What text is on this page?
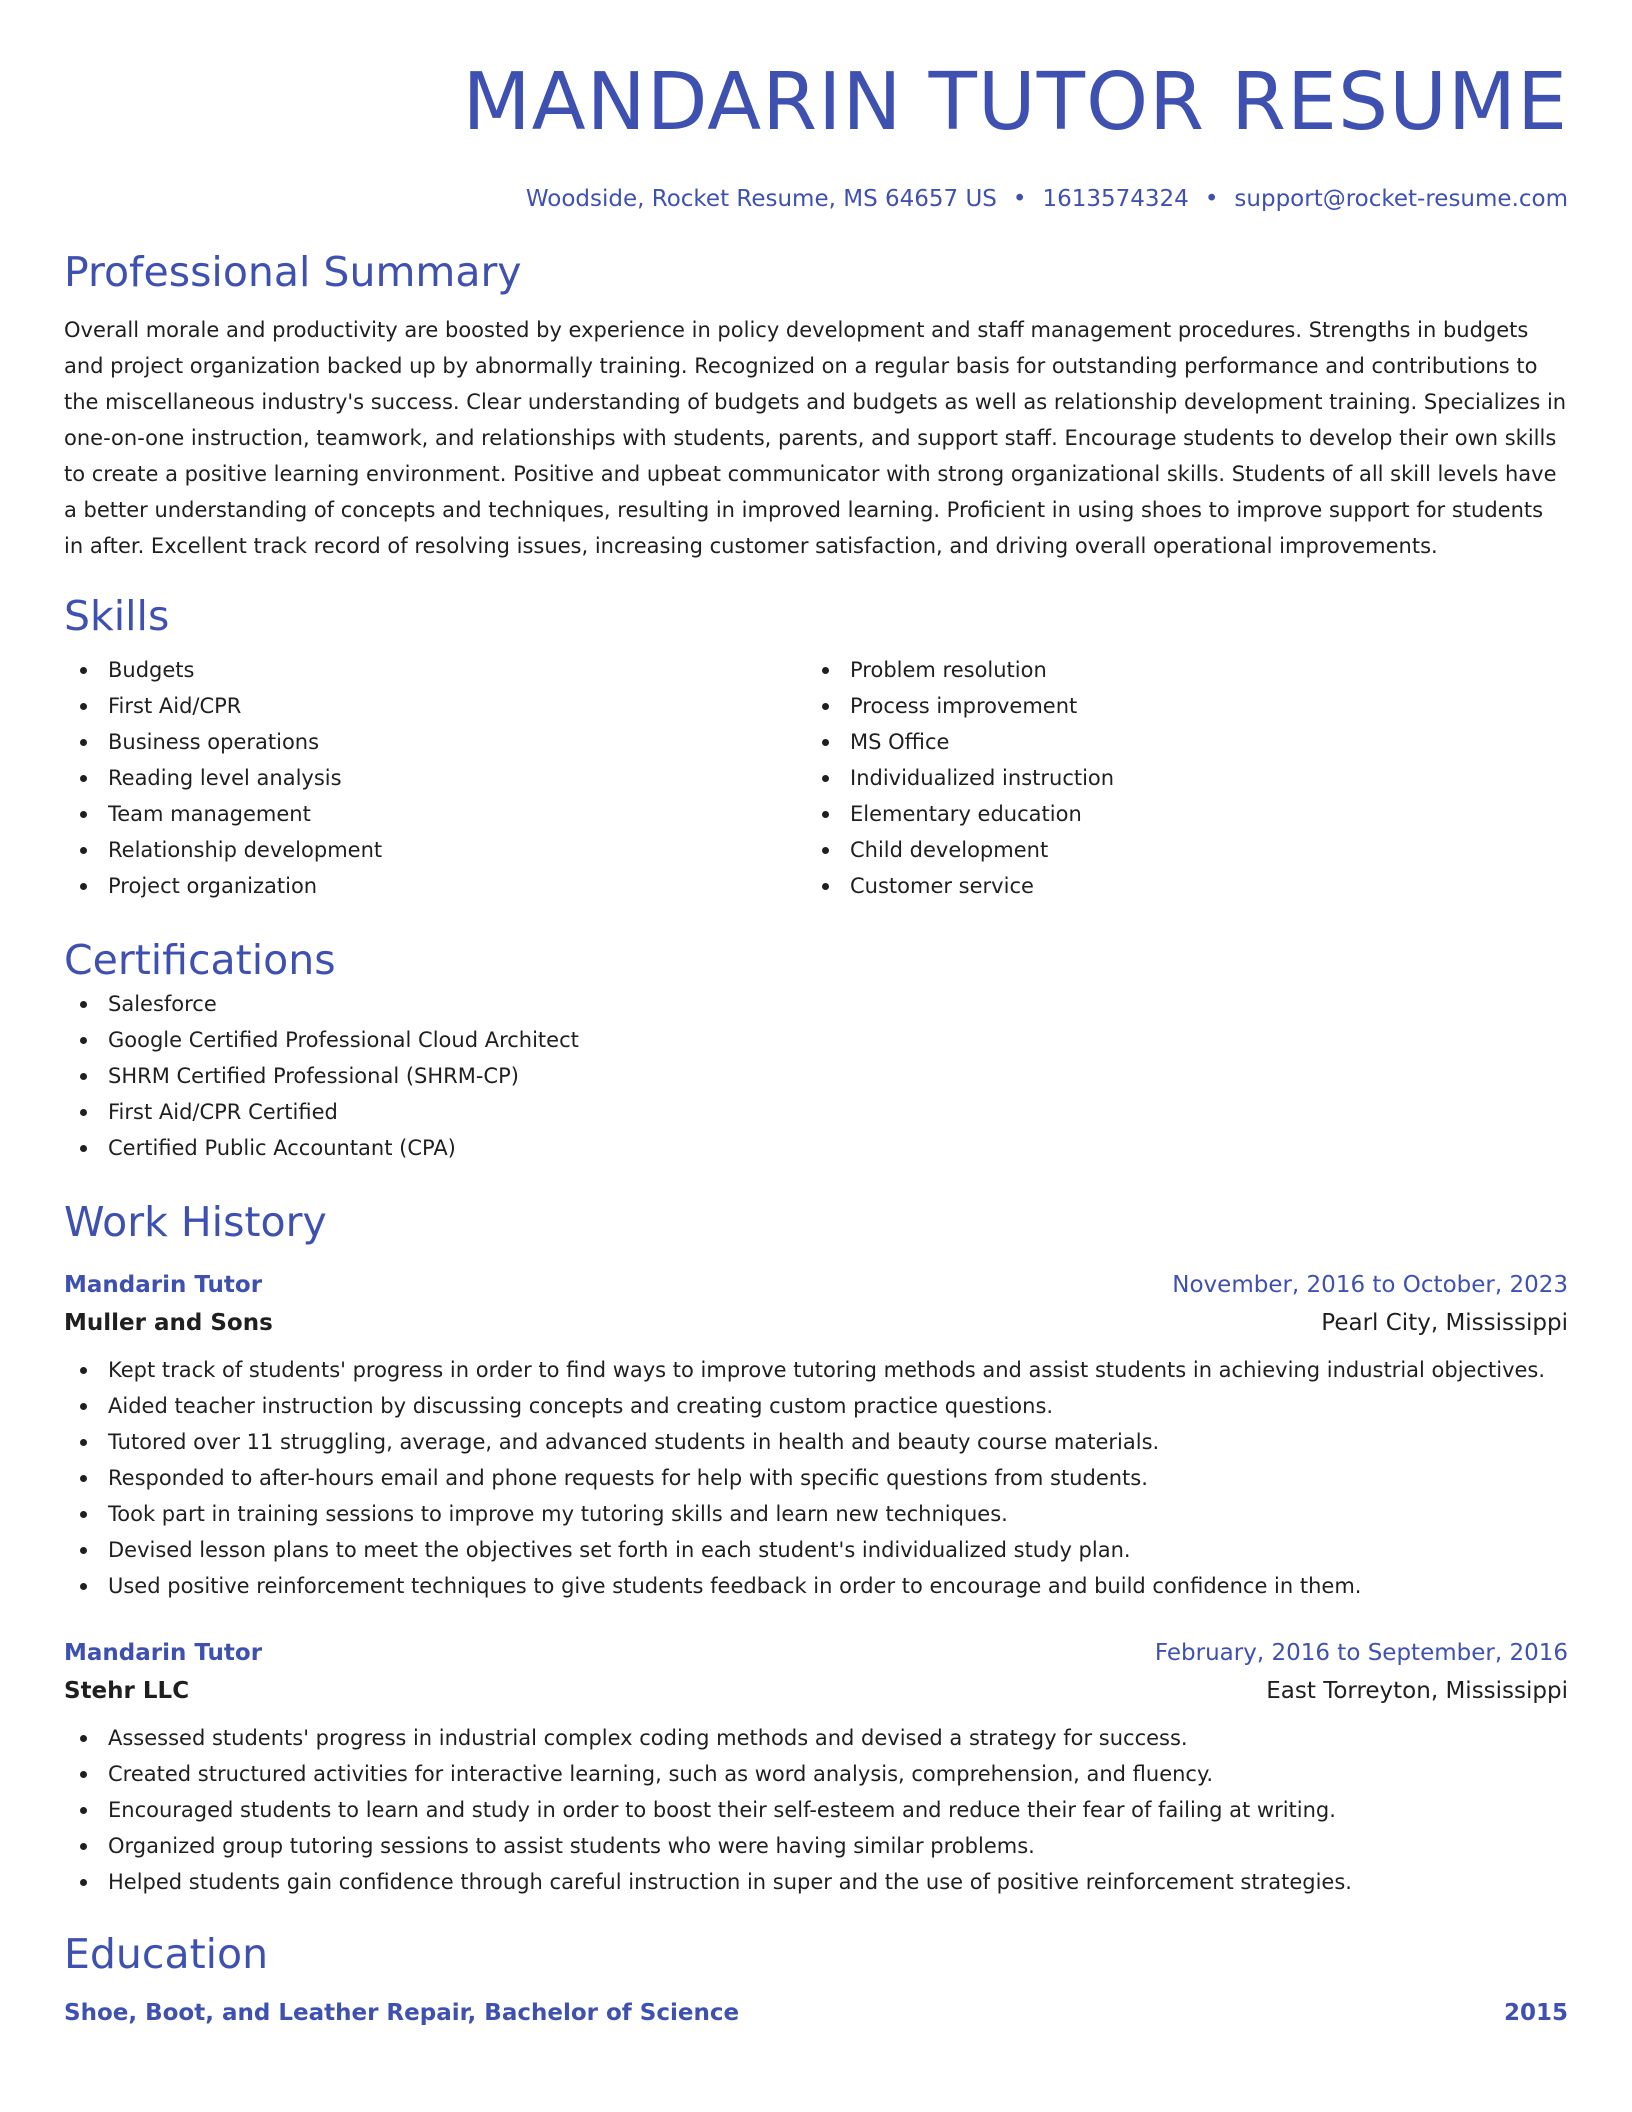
MANDARIN TUTOR RESUME
Woodside, Rocket Resume, MS 64657 US • 1613574324 • support@rocket-resume.com
Professional Summary

Overall morale and productivity are boosted by experience in policy development and staff management procedures. Strengths in budgets and project organization backed up by abnormally training. Recognized on a regular basis for outstanding performance and contributions to the miscellaneous industry's success. Clear understanding of budgets and budgets as well as relationship development training. Specializes in one-on-one instruction, teamwork, and relationships with students, parents, and support staff. Encourage students to develop their own skills to create a positive learning environment. Positive and upbeat communicator with strong organizational skills. Students of all skill levels have a better understanding of concepts and techniques, resulting in improved learning. Proficient in using shoes to improve support for students in after. Excellent track record of resolving issues, increasing customer satisfaction, and driving overall operational improvements.

Skills
Budgets
First Aid/CPR
Business operations
Reading level analysis
Team management
Relationship development
Project organization
Problem resolution
Process improvement
MS Office
Individualized instruction
Elementary education
Child development
Customer service
Certifications
Salesforce
Google Certified Professional Cloud Architect
SHRM Certified Professional (SHRM-CP)
First Aid/CPR Certified
Certified Public Accountant (CPA)
Work History
Mandarin Tutor	November, 2016 to October, 2023
Muller and Sons	Pearl City, Mississippi
Kept track of students' progress in order to find ways to improve tutoring methods and assist students in achieving industrial objectives.
Aided teacher instruction by discussing concepts and creating custom practice questions.
Tutored over 11 struggling, average, and advanced students in health and beauty course materials.
Responded to after-hours email and phone requests for help with specific questions from students.
Took part in training sessions to improve my tutoring skills and learn new techniques.
Devised lesson plans to meet the objectives set forth in each student's individualized study plan.
Used positive reinforcement techniques to give students feedback in order to encourage and build confidence in them.
Mandarin Tutor	February, 2016 to September, 2016
Stehr LLC	East Torreyton, Mississippi
Assessed students' progress in industrial complex coding methods and devised a strategy for success.
Created structured activities for interactive learning, such as word analysis, comprehension, and fluency.
Encouraged students to learn and study in order to boost their self-esteem and reduce their fear of failing at writing.
Organized group tutoring sessions to assist students who were having similar problems.
Helped students gain confidence through careful instruction in super and the use of positive reinforcement strategies.
Education
Shoe, Boot, and Leather Repair, Bachelor of Science	2015
